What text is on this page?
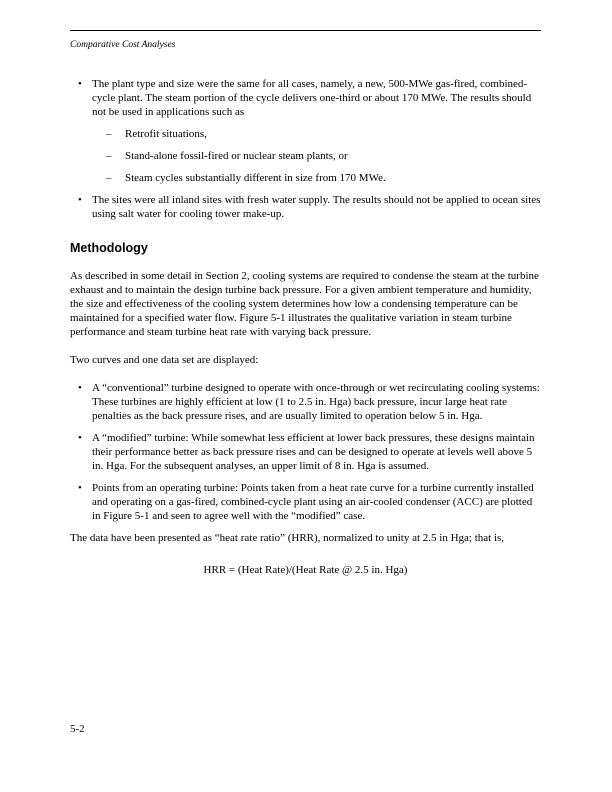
Comparative Cost Analyses
• The plant type and size were the same for all cases, namely, a new, 500-MWe gas-fired, combined-cycle plant. The steam portion of the cycle delivers one-third or about 170 MWe. The results should not be used in applications such as
–	Retrofit situations,
–	Stand-alone fossil-fired or nuclear steam plants, or
–	Steam cycles substantially different in size from 170 MWe.
• The sites were all inland sites with fresh water supply. The results should not be applied to ocean sites using salt water for cooling tower make-up.
Methodology

As described in some detail in Section 2, cooling systems are required to condense the steam at the turbine exhaust and to maintain the design turbine back pressure. For a given ambient temperature and humidity, the size and effectiveness of the cooling system determines how low a condensing temperature can be maintained for a specified water flow. Figure 5-1 illustrates the qualitative variation in steam turbine performance and steam turbine heat rate with varying back pressure.

Two curves and one data set are displayed:

• A “conventional” turbine designed to operate with once-through or wet recirculating cooling systems: These turbines are highly efficient at low (1 to 2.5 in. Hga) back pressure, incur large heat rate penalties as the back pressure rises, and are usually limited to operation below 5 in. Hga.
• A “modified” turbine: While somewhat less efficient at lower back pressures, these designs maintain their performance better as back pressure rises and can be designed to operate at levels well above 5 in. Hga. For the subsequent analyses, an upper limit of 8 in. Hga is assumed.
• Points from an operating turbine: Points taken from a heat rate curve for a turbine currently installed and operating on a gas-fired, combined-cycle plant using an air-cooled condenser (ACC) are plotted in Figure 5-1 and seen to agree well with the “modified” case.

The data have been presented as “heat rate ratio” (HRR), normalized to unity at 2.5 in Hga; that is,

HRR = (Heat Rate)/(Heat Rate @ 2.5 in. Hga)
5-2
